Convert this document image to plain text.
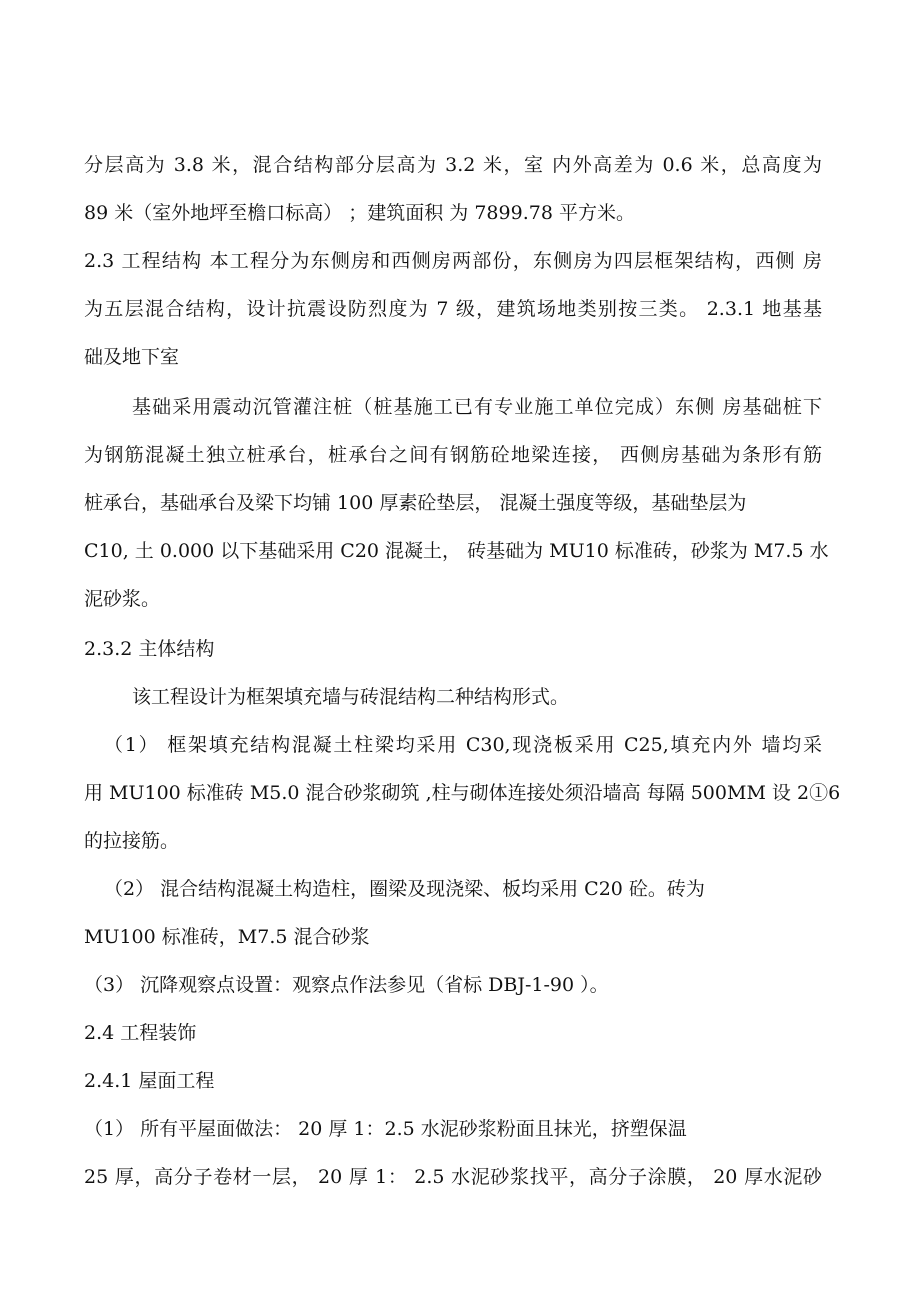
分层高为 3.8 米，混合结构部分层高为 3.2 米，室 内外高差为 0.6 米，总高度为
89 米（室外地坪至檐口标高） ；建筑面积 为 7899.78 平方米。
2.3 工程结构 本工程分为东侧房和西侧房两部份，东侧房为四层框架结构，西侧 房
为五层混合结构，设计抗震设防烈度为 7 级，建筑场地类别按三类。 2.3.1 地基基
础及地下室
基础采用震动沉管灌注桩（桩基施工已有专业施工单位完成）东侧 房基础桩下
为钢筋混凝土独立桩承台，桩承台之间有钢筋砼地梁连接， 西侧房基础为条形有筋
桩承台，基础承台及梁下均铺 100 厚素砼垫层， 混凝土强度等级，基础垫层为
C10, 土 0.000 以下基础采用 C20 混凝土， 砖基础为 MU10 标准砖，砂浆为 M7.5 水
泥砂浆。
2.3.2 主体结构
该工程设计为框架填充墙与砖混结构二种结构形式。
（1） 框架填充结构混凝土柱梁均采用 C30,现浇板采用 C25,填充内外 墙均采
用 MU100 标准砖 M5.0 混合砂浆砌筑 ,柱与砌体连接处须沿墙高 每隔 500MM 设 2①6
的拉接筋。
（2） 混合结构混凝土构造柱，圈梁及现浇梁、板均采用 C20 砼。砖为
MU100 标准砖，M7.5 混合砂浆
（3） 沉降观察点设置：观察点作法参见（省标 DBJ-1-90 ）。
2.4 工程装饰
2.4.1 屋面工程
（1） 所有平屋面做法： 20 厚 1：2.5 水泥砂浆粉面且抹光，挤塑保温
25 厚，高分子卷材一层， 20 厚 1： 2.5 水泥砂浆找平，高分子涂膜， 20 厚水泥砂
